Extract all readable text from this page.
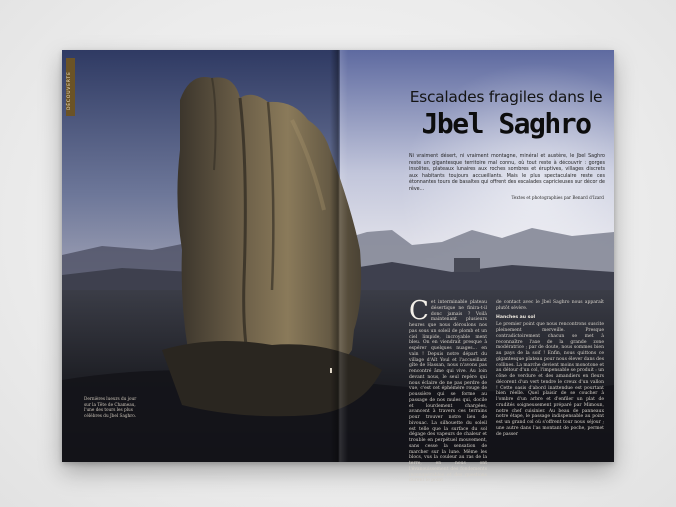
DÉCOUVERTE
Dernières lueurs du jour sur la Tête de Chameau, l'une des tours les plus célèbres du Jbel Saghro.
Escalades fragiles dans le
Jbel Saghro
Ni vraiment désert, ni vraiment montagne, minéral et austère, le Jbel Saghro reste un gigantesque territoire mal connu, où tout reste à découvrir : gorges insolites, plateaux lunaires aux roches sombres et éruptives, villages discrets aux habitants toujours accueillants. Mais le plus spectaculaire reste ces étonnantes tours de basaltes qui offrent des escalades capricieuses sur décor de rêve...
Textes et photographies par Benard d'Izard
C et interminable plateau désertique ne finira-t-il donc jamais ? Voilà maintenant plusieurs heures que nous déroulons nos pas sous un soleil de plomb et un ciel limpide, incroyable ment bleu. On en viendrait presque à espérer quelques nuages... en vain ! Depuis notre départ du village d'Aït Youl et l'accueillant gîte de Hassan, nous n'avons pas rencontré âme qui vive. Au loin devant nous, le seul repère qui nous éclaire de ne pas perdre de vue, c'est cet éphémère rouge de poussière qui se forme au passage de nos mules qui, docile et lourdement chargées, avancent à travers ces terrains pour trouver notre lieu de bivouac. La silhouette du soleil est telle que la surface du sol dégage des vapeurs de chaleur et trouble en perpétuel mouvement, sans cesse la sensation de marcher sur la lune. Même les blocs, vus la couleur au ras de la terre, en nous ont l'évanouissement des fondements inconquérables et des questions durent le point

de contact avec le Jbel Saghro nous apparaît plutôt sévère.

Hanches au sol

Le premier point que nous rencontrons suscite pleinement merveille. Presque contradictoirement chacun se met à reconnaître l'axe de la grande zone modératrice ; par de doute, nous sommes bien au pays de la soif ! Enfin, nous quittons ce gigantesque plateau pour nous élever dans des collines. La marche devient moins monotone et au détour d'un col, l'impensable se produit : un cône de verdure et des amandiers en fleurs décorent d'un vert tendre le creux d'un vallon ! Cette oasis d'abord inattendue est pourtant bien réelle. Quel plaisir de se coucher à l'ombre d'un arbre et d'enfiler un plat de crudités soigneusement préparé par Mimoun, notre chef cuisinier. Au beau de panneaux notre étape, le passage indispensable au point est un grand col où s'offrent tour nous séjour ; une autre dans l'as montant de poche, permet de passer
